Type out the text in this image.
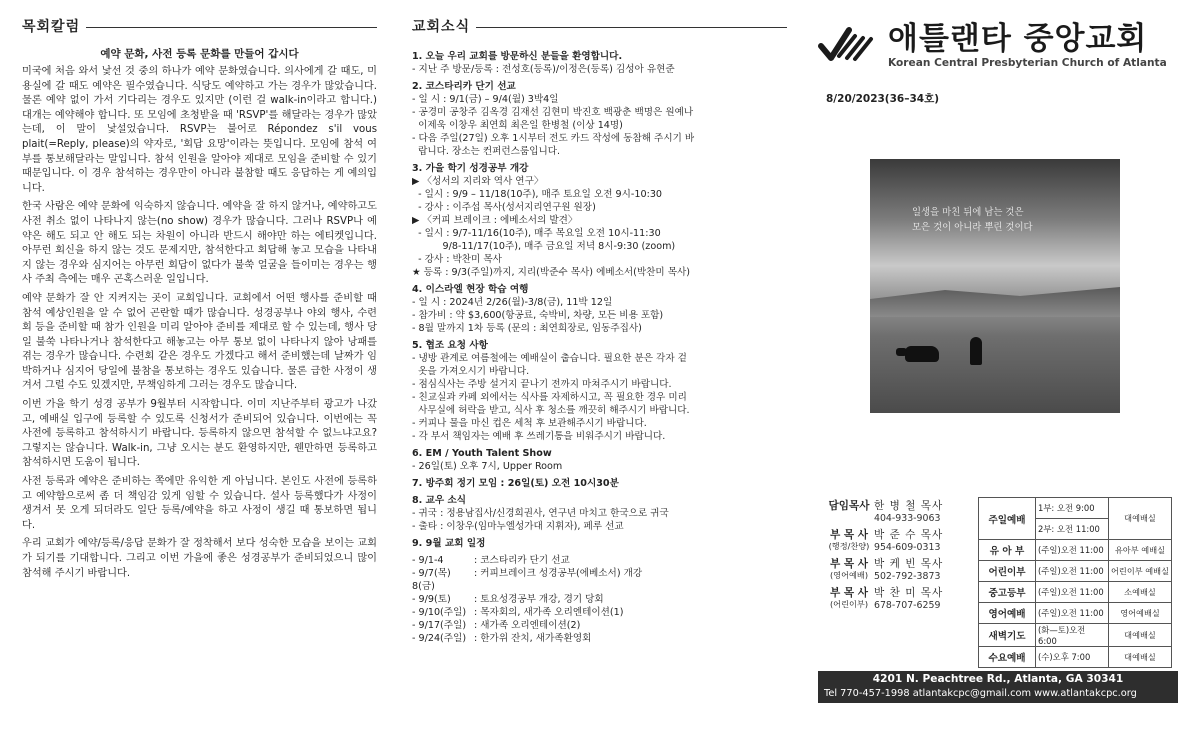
목회칼럼
예약 문화, 사전 등록 문화를 만들어 갑시다

미국에 처음 와서 낯선 것 중의 하나가 예약 문화였습니다. 의사에게 갈 때도, 미용실에 갈 때도 예약은 필수였습니다. 식당도 예약하고 가는 경우가 많았습니다. 물론 예약 없이 가서 기다리는 경우도 있지만 (이런 걸 walk-in이라고 합니다.) 대개는 예약해야 합니다. 또 모임에 초청받을 때 'RSVP'를 해달라는 경우가 많았는데, 이 말이 낯설었습니다. RSVP는 불어로 Répondez s'il vous plait(=Reply, please)의 약자로, '회답 요망'이라는 뜻입니다. 모임에 참석 여부를 통보해달라는 말입니다. 참석 인원을 알아야 제대로 모임을 준비할 수 있기 때문입니다. 이 경우 참석하는 경우만이 아니라 불참할 때도 응답하는 게 예의입니다.

한국 사람은 예약 문화에 익숙하지 않습니다. 예약을 잘 하지 않거나, 예약하고도 사전 취소 없이 나타나지 않는(no show) 경우가 많습니다. 그러나 RSVP나 예약은 해도 되고 안 해도 되는 차원이 아니라 반드시 해야만 하는 에티켓입니다. 아무런 회신을 하지 않는 것도 문제지만, 참석한다고 회답해 놓고 모습을 나타내지 않는 경우와 심지어는 아무런 회답이 없다가 불쑥 얼굴을 들이미는 경우는 행사 주최 측에는 매우 곤혹스러운 일입니다.

예약 문화가 잘 안 지켜지는 곳이 교회입니다. 교회에서 어떤 행사를 준비할 때 참석 예상인원을 알 수 없어 곤란할 때가 많습니다. 성경공부나 야외 행사, 수련회 등을 준비할 때 참가 인원을 미리 알아야 준비를 제대로 할 수 있는데, 행사 당일 불쑥 나타나거나 참석한다고 해놓고는 아무 통보 없이 나타나지 않아 낭패를 겪는 경우가 많습니다. 수련회 같은 경우도 가겠다고 해서 준비했는데 날짜가 임박하거나 심지어 당일에 불참을 통보하는 경우도 있습니다. 물론 급한 사정이 생겨서 그럴 수도 있겠지만, 무책임하게 그러는 경우도 많습니다.

이번 가을 학기 성경 공부가 9월부터 시작합니다. 이미 지난주부터 광고가 나갔고, 예배실 입구에 등록할 수 있도록 신청서가 준비되어 있습니다. 이번에는 꼭 사전에 등록하고 참석하시기 바랍니다. 등록하지 않으면 참석할 수 없느냐고요? 그렇지는 않습니다. Walk-in, 그냥 오시는 분도 환영하지만, 웬만하면 등록하고 참석하시면 도움이 됩니다.

사전 등록과 예약은 준비하는 쪽에만 유익한 게 아닙니다. 본인도 사전에 등록하고 예약함으로써 좀 더 책임감 있게 임할 수 있습니다. 설사 등록했다가 사정이 생겨서 못 오게 되더라도 일단 등록/예약을 하고 사정이 생길 때 통보하면 됩니다.

우리 교회가 예약/등록/응답 문화가 잘 정착해서 보다 성숙한 모습을 보이는 교회가 되기를 기대합니다. 그리고 이번 가을에 좋은 성경공부가 준비되었으니 많이 참석해 주시기 바랍니다.

교회소식
1. 오늘 우리 교회를 방문하신 분들을 환영합니다.
- 지난 주 방문/등록 : 전성호(등록)/이정은(등록) 김성아 유현준
2. 코스타리카 단기 선교
- 일 시 : 9/1(금) – 9/4(월) 3박4일
- 공경미 공창주 김옥경 김재선 김현미 박진호 백광춘 백명은 원예나
이제욱 이창우 최연희 최은일 한병철 (이상 14명)
- 다음 주일(27일) 오후 1시부터 전도 카드 작성에 동참해 주시기 바
랍니다. 장소는 컨퍼런스룸입니다.
3. 가을 학기 성경공부 개강
▶ 〈성서의 지리와 역사 연구〉
- 일시 : 9/9 – 11/18(10주), 매주 토요일 오전 9시-10:30
- 강사 : 이주섭 목사(성서지리연구원 원장)
▶ 〈커피 브레이크 : 에베소서의 발견〉
- 일시 : 9/7-11/16(10주), 매주 목요일 오전 10시-11:30
9/8-11/17(10주), 매주 금요일 저녁 8시-9:30 (zoom)
- 강사 : 박찬미 목사
★ 등록 : 9/3(주일)까지, 지리(박준수 목사) 에베소서(박찬미 목사)
4. 이스라엘 현장 학습 여행
- 일 시 : 2024년 2/26(월)-3/8(금), 11박 12일
- 참가비 : 약 $3,600(항공료, 숙박비, 차량, 모든 비용 포함)
- 8월 말까지 1차 등록 (문의 : 최연희장로, 임동주집사)
5. 협조 요청 사항
- 냉방 관계로 여름철에는 예배실이 춥습니다. 필요한 분은 각자 겉
옷을 가져오시기 바랍니다.
- 점심식사는 주방 설거지 끝나기 전까지 마쳐주시기 바랍니다.
- 친교실과 카페 외에서는 식사를 자제하시고, 꼭 필요한 경우 미리
사무실에 허락을 받고, 식사 후 청소를 깨끗히 해주시기 바랍니다.
- 커피나 물을 마신 컵은 세척 후 보관해주시기 바랍니다.
- 각 부서 책임자는 예배 후 쓰레기통을 비워주시기 바랍니다.
6. EM / Youth Talent Show
- 26일(토) 오후 7시, Upper Room
7. 방주회 정기 모임 : 26일(토) 오전 10시30분
8. 교우 소식
- 귀국 : 정용남집사/신경희권사, 연구년 마치고 한국으로 귀국
- 출타 : 이창우(임마누엘성가대 지휘자), 페루 선교
9. 9월 교회 일정
- 9/1-4	: 코스타리카 단기 선교
- 9/7(목) 8(금)
: 커피브레이크 성경공부(에베소서) 개강
- 9/9(토)	: 토요성경공부 개강, 경기 당회
- 9/10(주일) : 목자회의, 새가족 오리엔테이션(1)
- 9/17(주일) : 새가족 오리엔테이션(2)
- 9/24(주일) : 한가위 잔치, 새가족환영회
애틀랜타 중앙교회
Korean Central Presbyterian Church of Atlanta
8/20/2023(36–34호)
일생을 마친 뒤에 남는 것은
모은 것이 아니라 뿌린 것이다
담임목사 한 병 철 목사
404-933-9063
부 목 사
(행정/찬양)
박 준 수 목사
954-609-0313
부 목 사
(영어예배)
박 케 빈 목사
502-792-3873
부 목 사
(어린이부)
박 찬 미 목사
678-707-6259
주일예배	1부: 오전 9:00	대예배실
	2부: 오전 11:00	
유 아 부	(주일)오전 11:00	유아부 예배실
어린이부	(주일)오전 11:00	어린이부 예배실
중고등부	(주일)오전 11:00	소예배실
영어예배	(주일)오전 11:00	영어예배실
새벽기도	(화—토)오전 6:00	대예배실
수요예배	(수)오후 7:00	대예배실
4201 N. Peachtree Rd., Atlanta, GA 30341
Tel 770-457-1998 atlantakcpc@gmail.com www.atlantakcpc.org
